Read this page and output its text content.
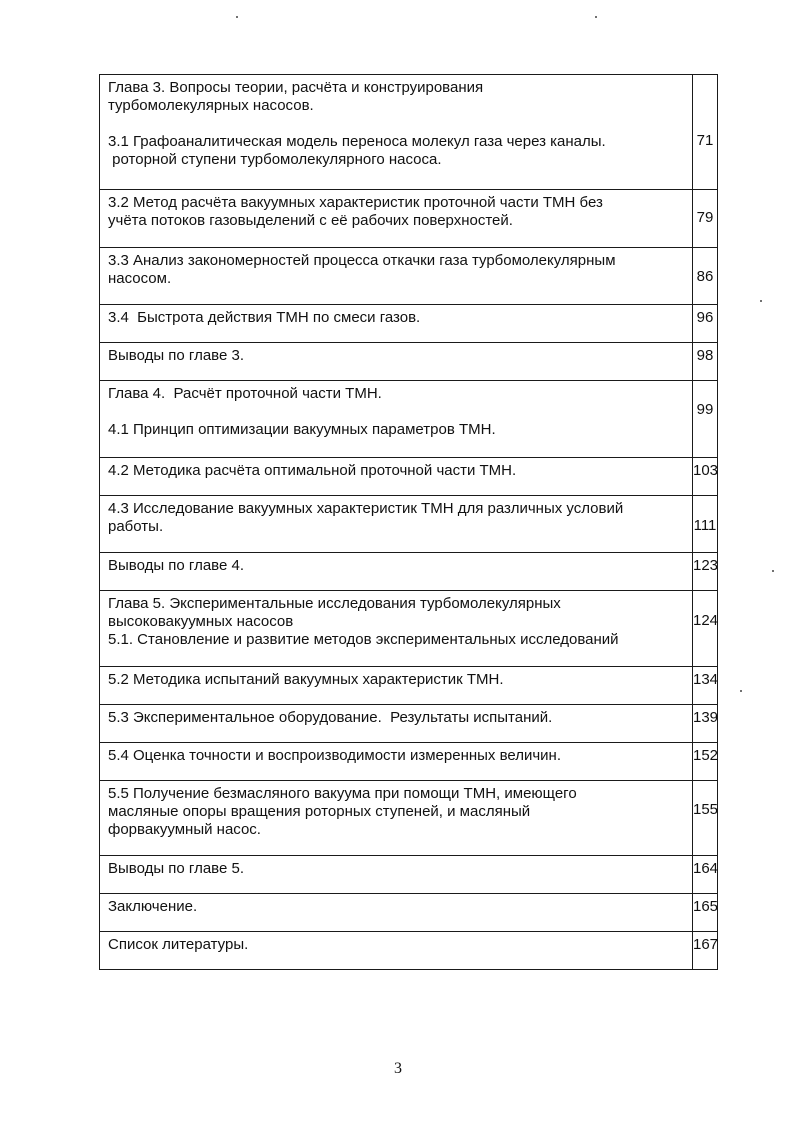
Глава 3. Вопросы теории, расчёта и конструирования
турбомолекулярных насосов.
3.1 Графоаналитическая модель переноса молекул газа через каналы.
роторной ступени турбомолекулярного насоса.	71

3.2 Метод расчёта вакуумных характеристик проточной части ТМН без
учёта потоков газовыделений с её рабочих поверхностей.	79

3.3 Анализ закономерностей процесса откачки газа турбомолекулярным
насосом.	86

3.4  Быстрота действия ТМН по смеси газов.	96

Выводы по главе 3.	98

Глава 4.  Расчёт проточной части ТМН.
4.1 Принцип оптимизации вакуумных параметров ТМН.	99

4.2 Методика расчёта оптимальной проточной части ТМН.	103

4.3 Исследование вакуумных характеристик ТМН для различных условий
работы.	111

Выводы по главе 4.	123

Глава 5. Экспериментальные исследования турбомолекулярных
высоковакуумных насосов
5.1. Становление и развитие методов экспериментальных исследований	124

5.2 Методика испытаний вакуумных характеристик ТМН.	134

5.3 Экспериментальное оборудование.  Результаты испытаний.	139

5.4 Оценка точности и воспроизводимости измеренных величин.	152

5.5 Получение безмасляного вакуума при помощи ТМН, имеющего
масляные опоры вращения роторных ступеней, и масляный
форвакуумный насос.	155

Выводы по главе 5.	164

Заключение.	165

Список литературы.	167
3
